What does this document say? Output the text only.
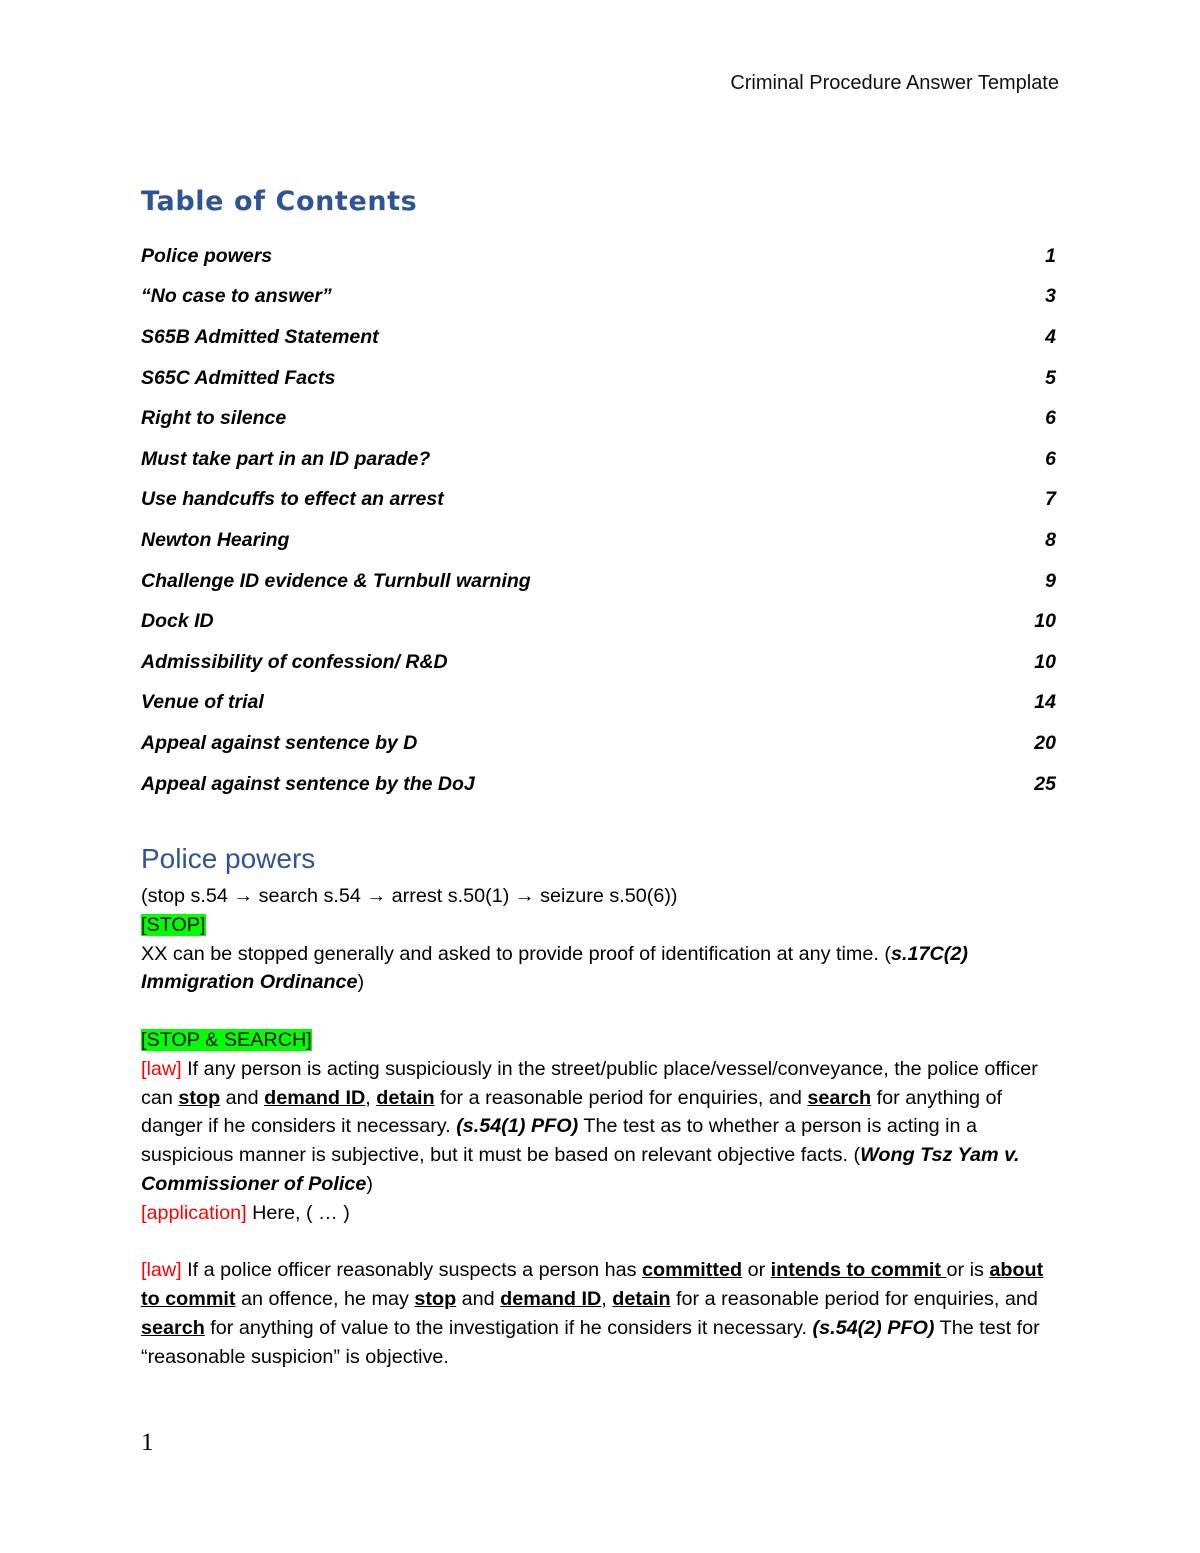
Criminal Procedure Answer Template
Table of Contents
Police powers	1
“No case to answer”	3
S65B Admitted Statement	4
S65C Admitted Facts	5
Right to silence	6
Must take part in an ID parade?	6
Use handcuffs to effect an arrest	7
Newton Hearing	8
Challenge ID evidence & Turnbull warning	9
Dock ID	10
Admissibility of confession/ R&D	10
Venue of trial	14
Appeal against sentence by D	20
Appeal against sentence by the DoJ	25
Police powers

(stop s.54 → search s.54 → arrest s.50(1) → seizure s.50(6))

[STOP]

XX can be stopped generally and asked to provide proof of identification at any time. (s.17C(2) Immigration Ordinance)

[STOP & SEARCH]

[law] If any person is acting suspiciously in the street/public place/vessel/conveyance, the police officer can stop and demand ID, detain for a reasonable period for enquiries, and search for anything of danger if he considers it necessary. (s.54(1) PFO) The test as to whether a person is acting in a suspicious manner is subjective, but it must be based on relevant objective facts. (Wong Tsz Yam v. Commissioner of Police)

[application] Here, ( … )

[law] If a police officer reasonably suspects a person has committed or intends to commit or is about to commit an offence, he may stop and demand ID, detain for a reasonable period for enquiries, and search for anything of value to the investigation if he considers it necessary. (s.54(2) PFO) The test for “reasonable suspicion” is objective.

1
